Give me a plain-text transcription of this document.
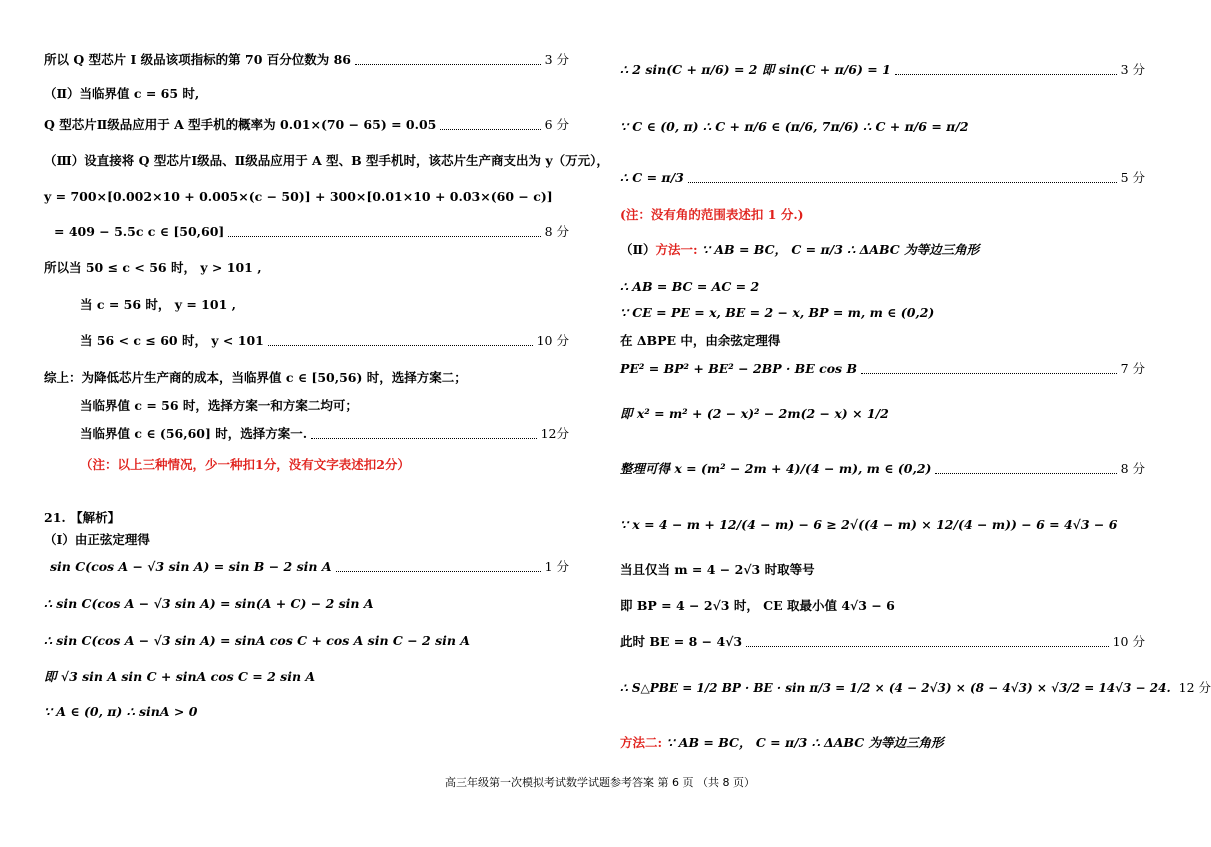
所以 Q 型芯片 Ⅰ 级品该项指标的第 70 百分位数为 86	3 分
（Ⅱ）当临界值 c = 65 时,
Q 型芯片Ⅱ级品应用于 A 型手机的概率为 0.01×(70 − 65) = 0.05	6 分
（Ⅲ）设直接将 Q 型芯片Ⅰ级品、Ⅱ级品应用于 A 型、B 型手机时，该芯片生产商支出为 y（万元），
y = 700×[0.002×10 + 0.005×(c − 50)] + 300×[0.01×10 + 0.03×(60 − c)]
= 409 − 5.5c c ∈ [50,60]	8 分
所以当 50 ≤ c < 56 时， y > 101 ,
当 c = 56 时， y = 101 ,
当 56 < c ≤ 60 时， y < 101	10 分
综上：为降低芯片生产商的成本，当临界值 c ∈ [50,56) 时，选择方案二；
当临界值 c = 56 时，选择方案一和方案二均可；
当临界值 c ∈ (56,60] 时，选择方案一.	12分
（注：以上三种情况，少一种扣1分，没有文字表述扣2分）
21. 【解析】
（Ⅰ）由正弦定理得
sin C(cos A − √3 sin A) = sin B − 2 sin A	1 分
∴ sin C(cos A − √3 sin A) = sin(A + C) − 2 sin A
∴ sin C(cos A − √3 sin A) = sinA cos C + cos A sin C − 2 sin A
即 √3 sin A sin C + sinA cos C = 2 sin A
∵ A ∈ (0, π) ∴ sinA > 0
∴ 2 sin(C + π/6) = 2 即 sin(C + π/6) = 1	3 分
∵ C ∈ (0, π) ∴ C + π/6 ∈ (π/6, 7π/6) ∴ C + π/6 = π/2
∴ C = π/3	5 分
(注：没有角的范围表述扣 1 分.)
（Ⅱ）方法一: ∵ AB = BC， C = π/3 ∴ ΔABC 为等边三角形
∴ AB = BC = AC = 2
∵ CE = PE = x, BE = 2 − x, BP = m, m ∈ (0,2)
在 ΔBPE 中，由余弦定理得
PE² = BP² + BE² − 2BP · BE cos B	7 分
即 x² = m² + (2 − x)² − 2m(2 − x) × 1/2
整理可得 x = (m² − 2m + 4)/(4 − m), m ∈ (0,2)	8 分
∵ x = 4 − m + 12/(4 − m) − 6 ≥ 2√((4 − m) × 12/(4 − m)) − 6 = 4√3 − 6
当且仅当 m = 4 − 2√3 时取等号
即 BP = 4 − 2√3 时， CE 取最小值 4√3 − 6
此时 BE = 8 − 4√3	10 分
∴ S△PBE = 1/2 BP · BE · sin π/3 = 1/2 × (4 − 2√3) × (8 − 4√3) × √3/2 = 14√3 − 24. 12 分
方法二: ∵ AB = BC， C = π/3 ∴ ΔABC 为等边三角形
高三年级第一次模拟考试数学试题参考答案 第 6 页 （共 8 页）
